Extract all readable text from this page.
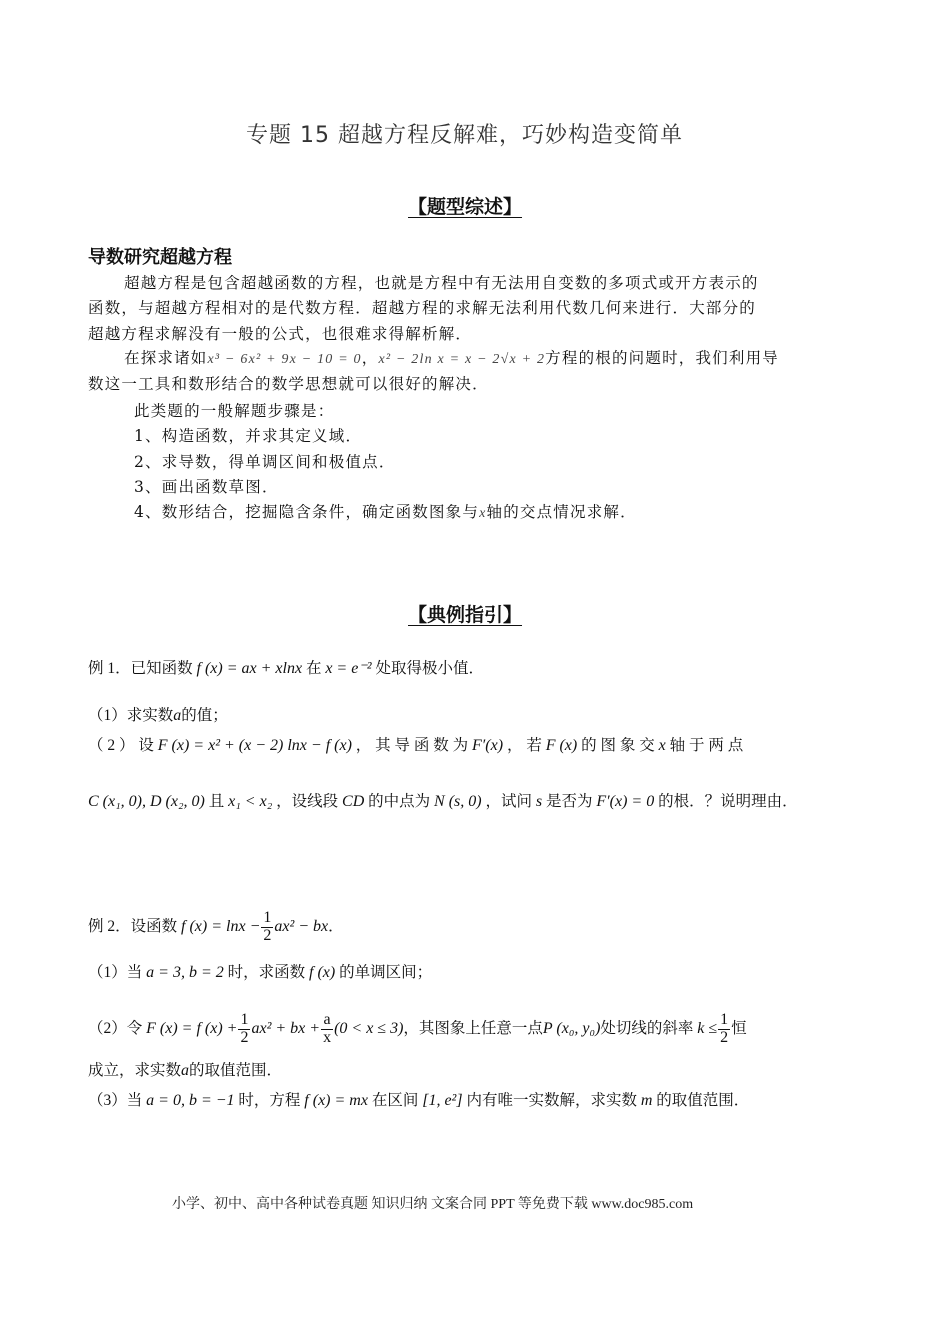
专题 15 超越方程反解难，巧妙构造变简单
【题型综述】
导数研究超越方程
超越方程是包含超越函数的方程，也就是方程中有无法用自变数的多项式或开方表示的
函数，与超越方程相对的是代数方程．超越方程的求解无法利用代数几何来进行．大部分的
超越方程求解没有一般的公式，也很难求得解析解．
在探求诸如x³ − 6x² + 9x − 10 = 0，x² − 2ln x = x − 2√x + 2方程的根的问题时，我们利用导
数这一工具和数形结合的数学思想就可以很好的解决．
此类题的一般解题步骤是：
1、构造函数，并求其定义域．
2、求导数，得单调区间和极值点．
3、画出函数草图．
4、数形结合，挖掘隐含条件，确定函数图象与x轴的交点情况求解．
【典例指引】
例 1．已知函数 f (x) = ax + xlnx 在 x = e⁻² 处取得极小值．
（1）求实数a的值；
（ 2 ） 设 F (x) = x² + (x − 2) lnx − f (x) ， 其 导 函 数 为 F′(x) ， 若 F (x) 的 图 象 交 x 轴 于 两 点
C (x₁, 0), D (x₂, 0) 且 x₁ < x₂ ，设线段 CD 的中点为 N (s, 0) ，试问 s 是否为 F′(x) = 0 的根．？说明理由．
例 2．设函数 f $(x) = \ln x - \frac{1}{2} ax^2$ − bx．
（1）当 a = 3, b = 2 时，求函数 f (x) 的单调区间；
（2）令 F (x) = f $(x) + \frac{1}{2} ax^2$ + bx + $\frac{a}{x} (0 < x \le 3)$，其图象上任意一点P (x₀, y₀)处切线的斜率 $k \le \frac{1}{2}$ 恒
成立，求实数a的取值范围．
（3）当 a = 0, b = −1 时，方程 f (x) = mx 在区间 [1, e²] 内有唯一实数解，求实数 m 的取值范围．
小学、初中、高中各种试卷真题 知识归纳 文案合同 PPT 等免费下载 www.doc985.com
